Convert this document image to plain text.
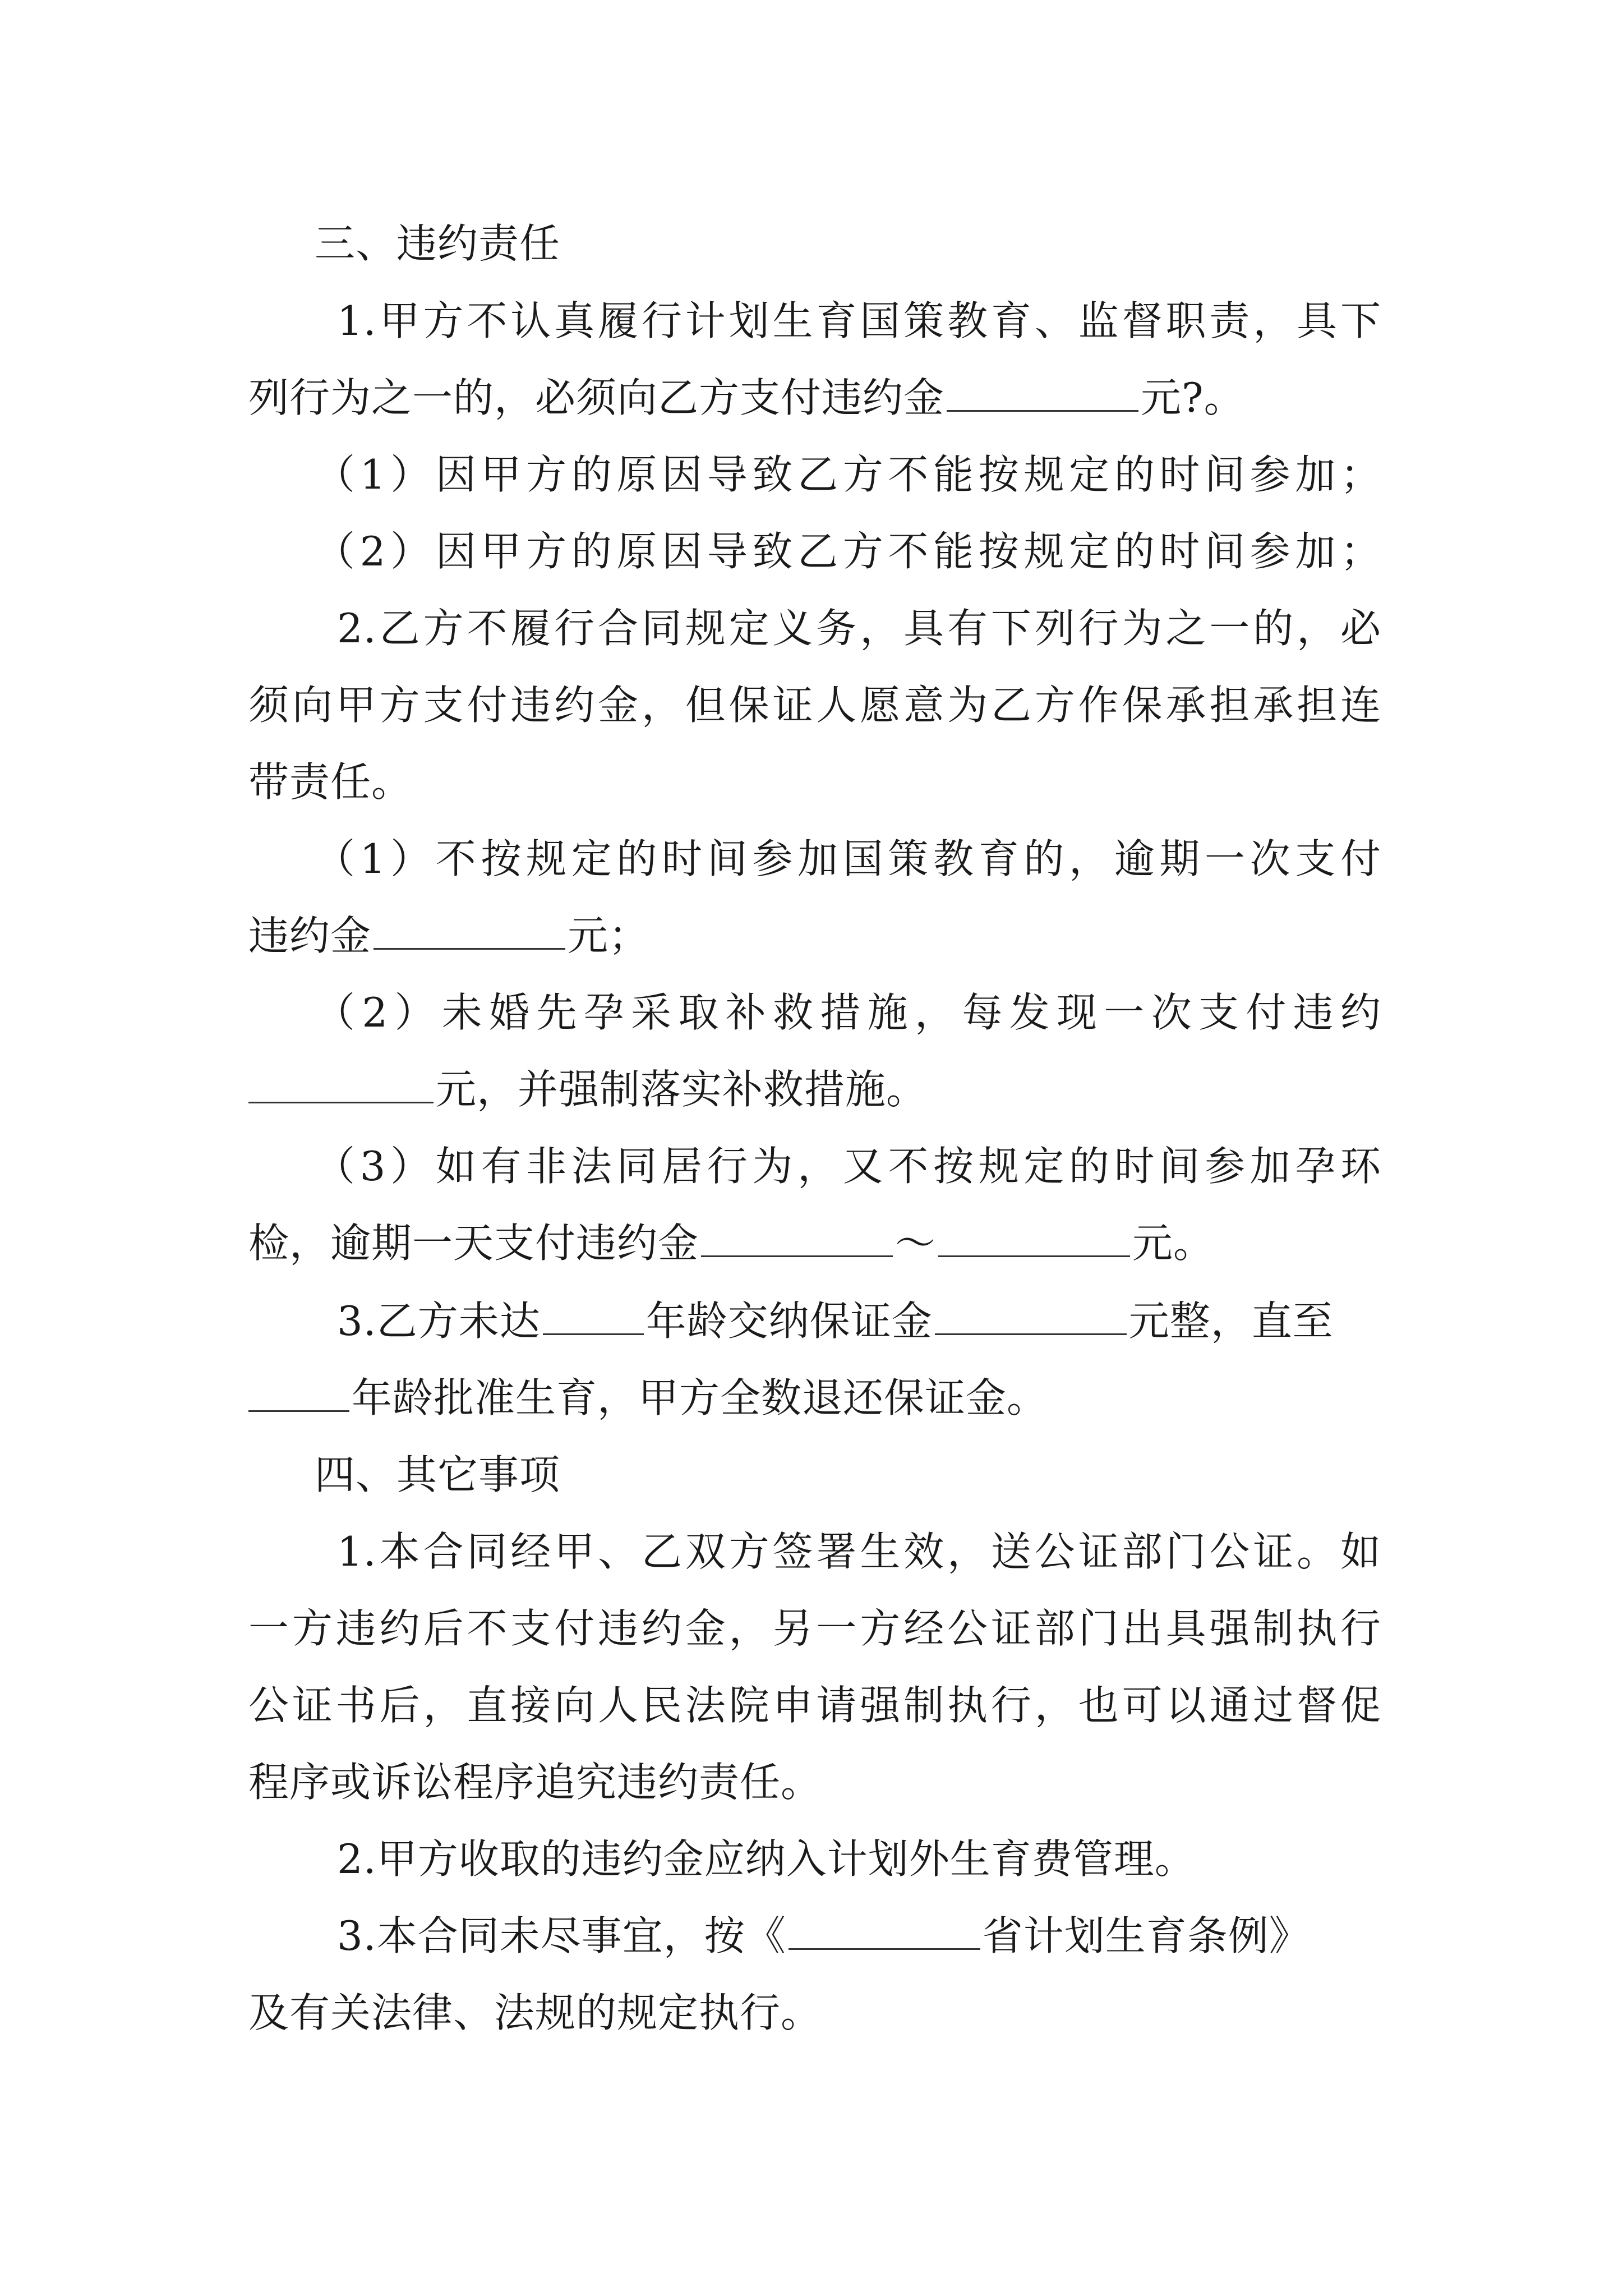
三、违约责任

1.甲方不认真履行计划生育国策教育、监督职责，具下
列行为之一的，必须向乙方支付违约金	元?。
（1）因甲方的原因导致乙方不能按规定的时间参加；
（2）因甲方的原因导致乙方不能按规定的时间参加；
2.乙方不履行合同规定义务，具有下列行为之一的，必
须向甲方支付违约金，但保证人愿意为乙方作保承担承担连
带责任。
（1）不按规定的时间参加国策教育的，逾期一次支付
违约金	元；
（2）未婚先孕采取补救措施，每发现一次支付违约
元，并强制落实补救措施。
（3）如有非法同居行为，又不按规定的时间参加孕环
检，逾期一天支付违约金	～	元。
3.乙方未达	年龄交纳保证金	元整，直至
年龄批准生育，甲方全数退还保证金。

四、其它事项

1.本合同经甲、乙双方签署生效，送公证部门公证。如
一方违约后不支付违约金，另一方经公证部门出具强制执行
公证书后，直接向人民法院申请强制执行，也可以通过督促
程序或诉讼程序追究违约责任。

2.甲方收取的违约金应纳入计划外生育费管理。

3.本合同未尽事宜，按《	省计划生育条例》
及有关法律、法规的规定执行。
